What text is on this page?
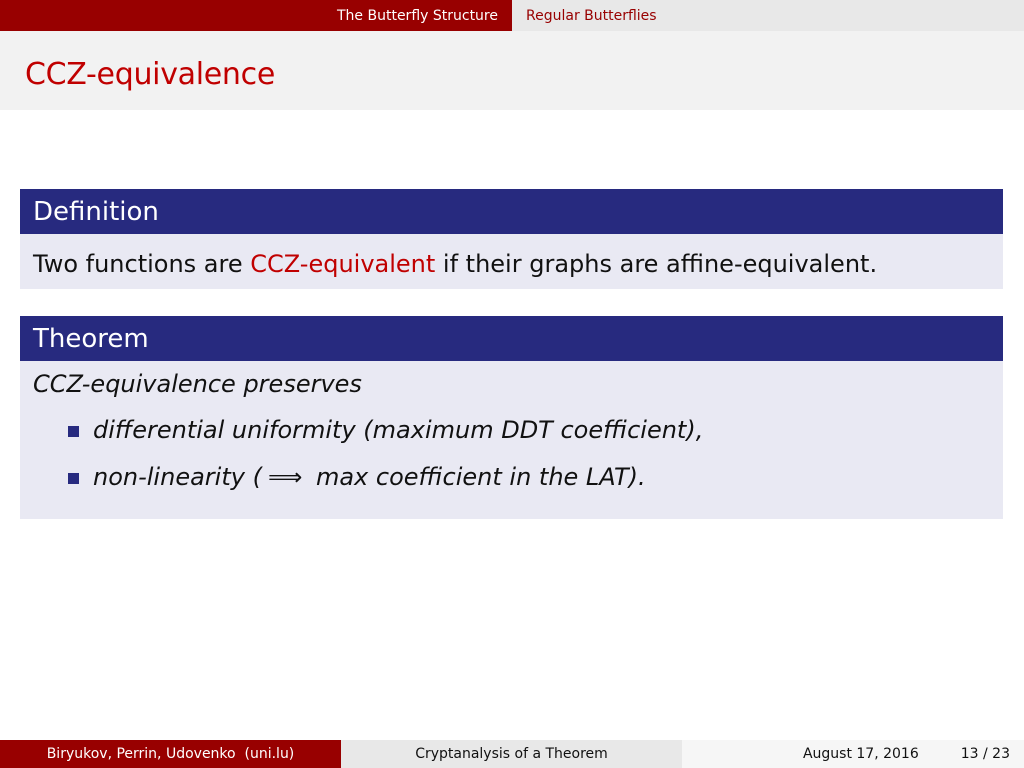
The Butterfly Structure	Regular Butterflies
CCZ-equivalence
Definition
Two functions are CCZ-equivalent if their graphs are affine-equivalent.
Theorem
CCZ-equivalence preserves
differential uniformity (maximum DDT coefficient),
non-linearity ( ⟹ max coefficient in the LAT).
Biryukov, Perrin, Udovenko  (uni.lu)	Cryptanalysis of a Theorem	August 17, 2016	13 / 23
